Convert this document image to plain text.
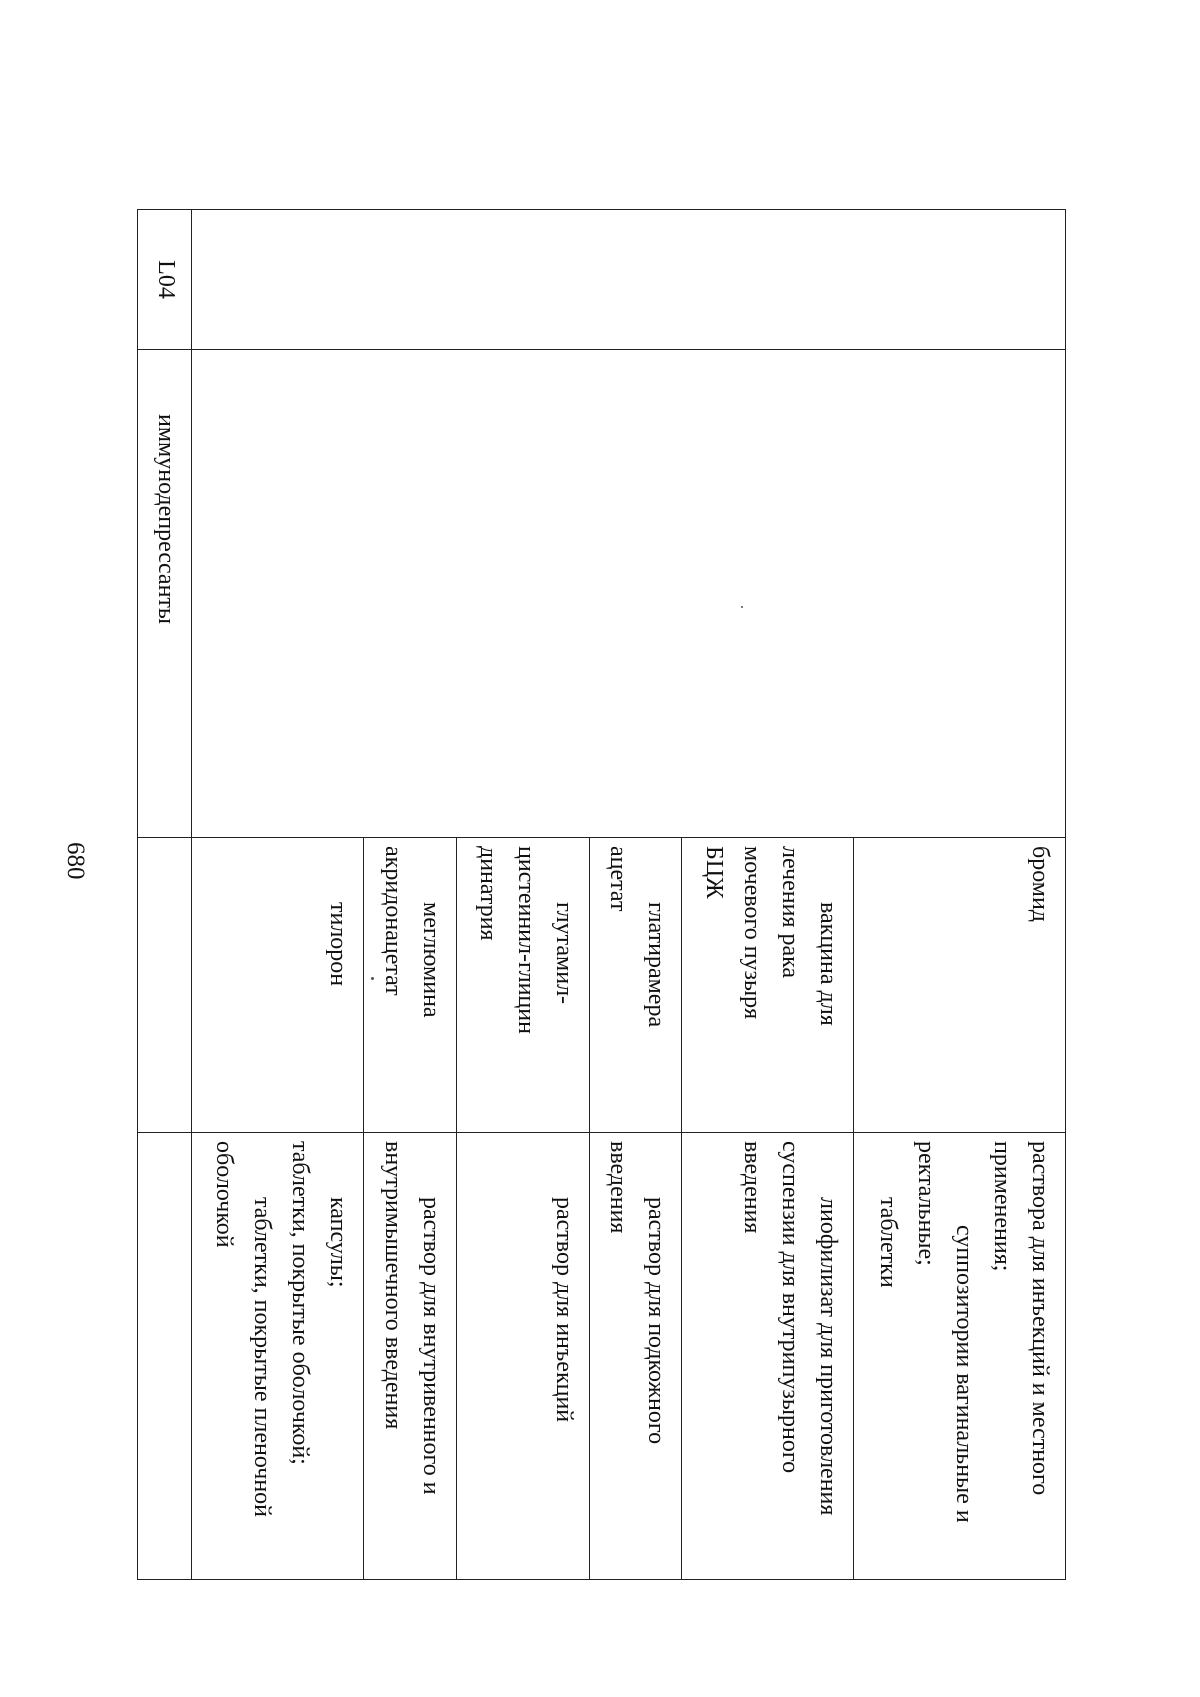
680

		бромид	раствора для инъекций и местного
применения;
суппозитории вагинальные и
ректальные;
таблетки

		вакцина для
лечения рака
мочевого пузыря
БЦЖ	лиофилизат для приготовления
суспензии для внутрипузырного
введения

		глатирамера
ацетат	раствор для подкожного
введения

		глутамил-
цистеинил-глицин
динатрия	раствор для инъекций

		меглюмина
акридонацетат	раствор для внутривенного и
внутримышечного введения

		тилорон	капсулы;
таблетки, покрытые оболочкой;
таблетки, покрытые пленочной
оболочкой

L04	иммунодепрессанты		
